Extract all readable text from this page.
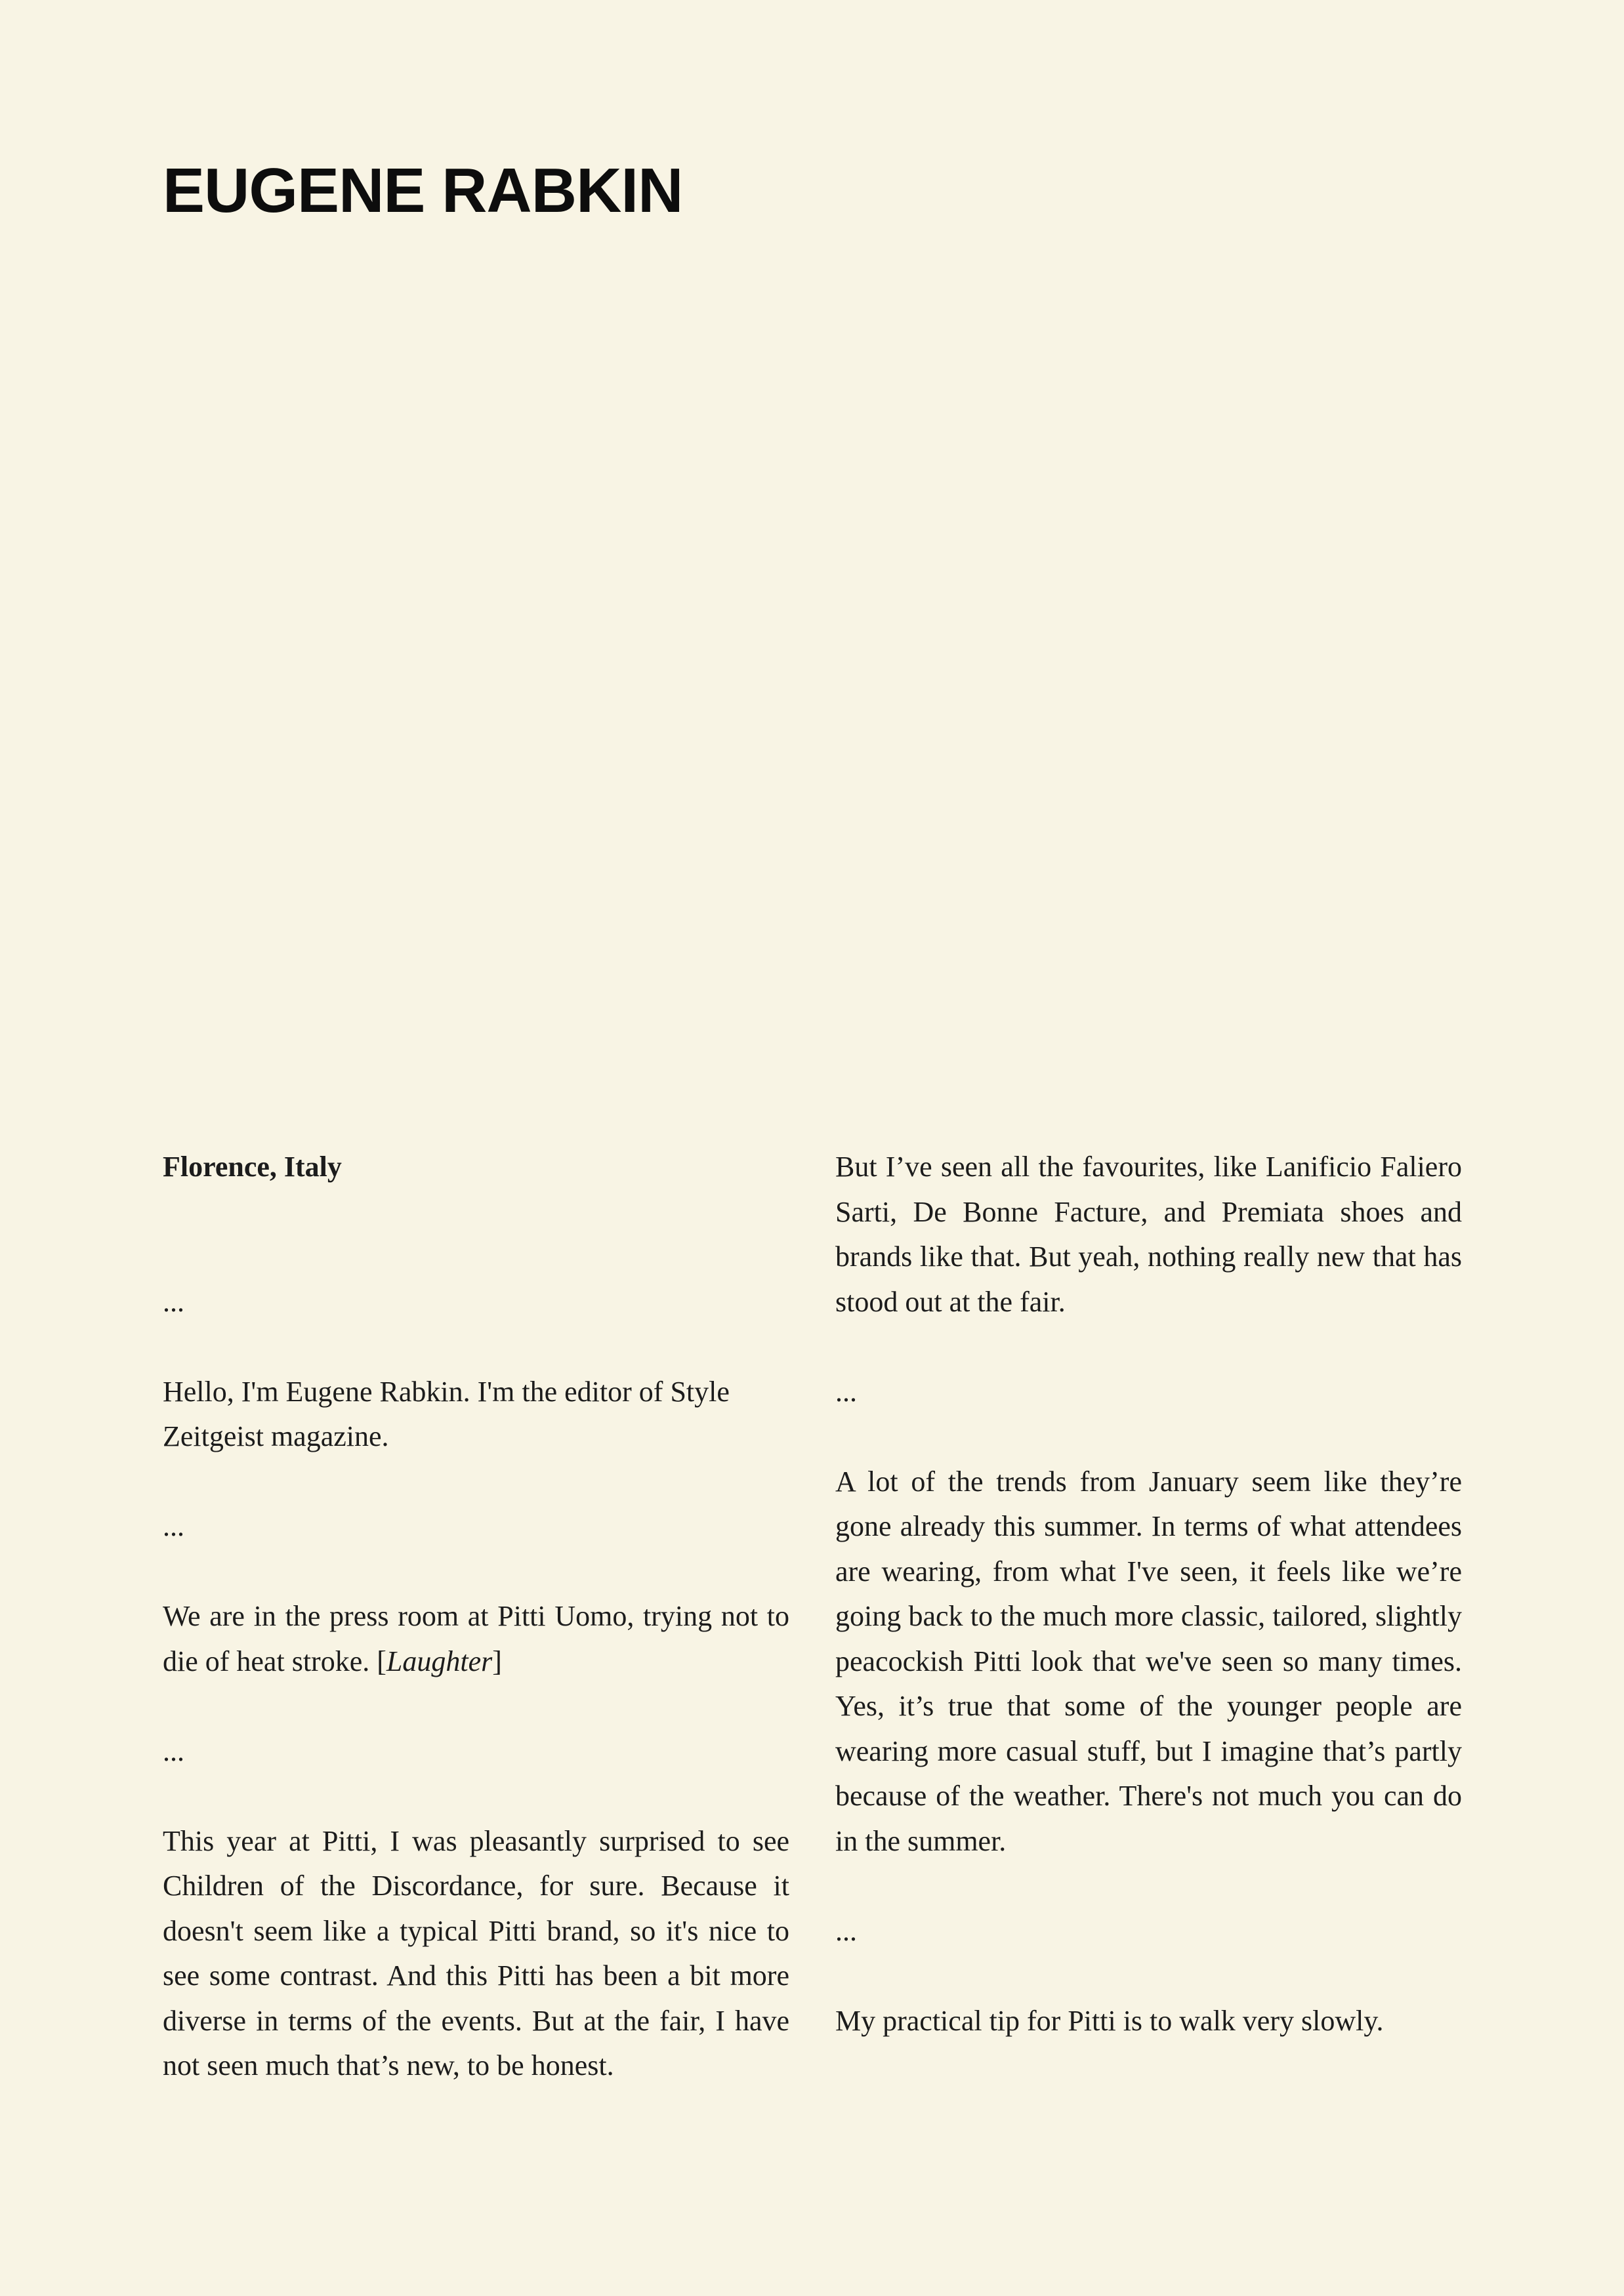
EUGENE RABKIN

Florence, Italy

...

Hello, I'm Eugene Rabkin. I'm the editor of Style Zeitgeist magazine.

...

We are in the press room at Pitti Uomo, trying not to die of heat stroke. [Laughter]

...

This year at Pitti, I was pleasantly surprised to see Children of the Discordance, for sure. Because it doesn't seem like a typical Pitti brand, so it's nice to see some contrast. And this Pitti has been a bit more diverse in terms of the events. But at the fair, I have not seen much that’s new, to be honest.

But I’ve seen all the favourites, like Lanificio Faliero Sarti, De Bonne Facture, and Premiata shoes and brands like that. But yeah, nothing really new that has stood out at the fair.

...

A lot of the trends from January seem like they’re gone already this summer. In terms of what attendees are wearing, from what I've seen, it feels like we’re going back to the much more classic, tailored, slightly peacockish Pitti look that we've seen so many times. Yes, it’s true that some of the younger people are wearing more casual stuff, but I imagine that’s partly because of the weather. There's not much you can do in the summer.

...

My practical tip for Pitti is to walk very slowly.
